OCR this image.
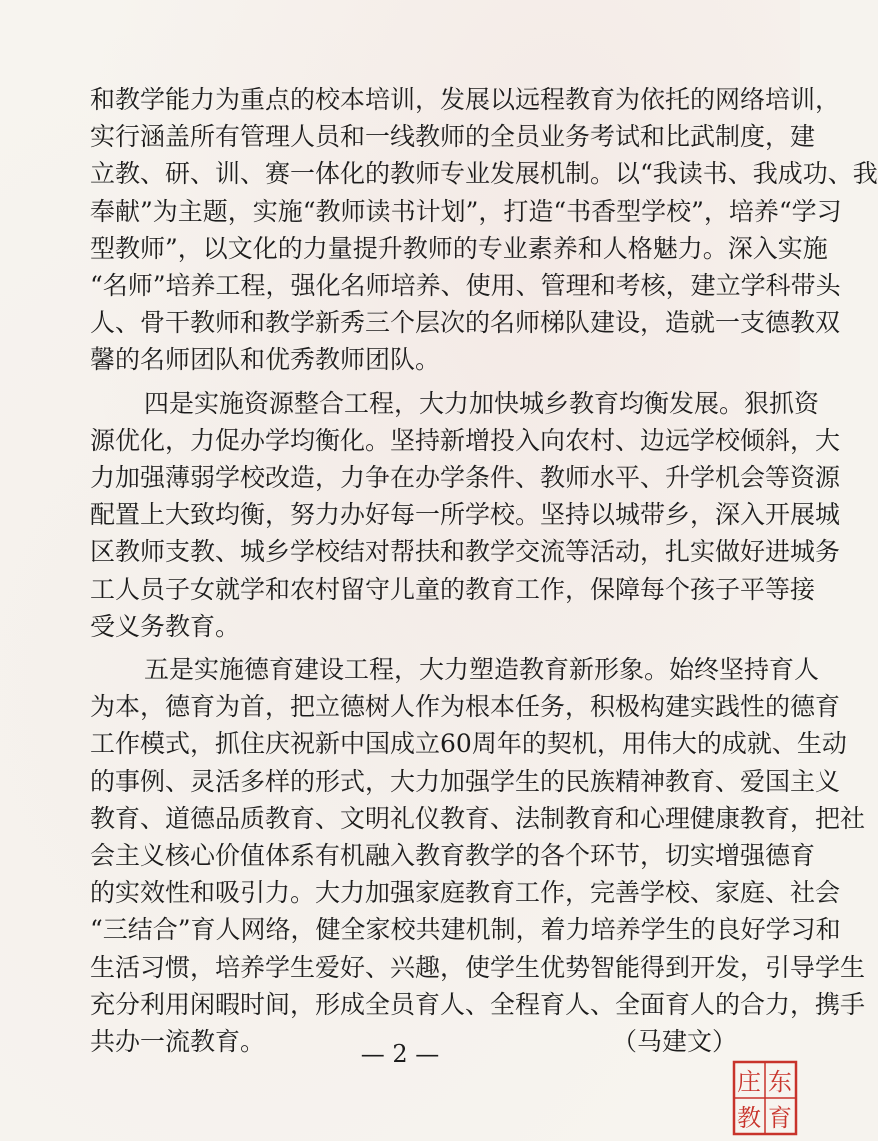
和教学能力为重点的校本培训，发展以远程教育为依托的网络培训，
实行涵盖所有管理人员和一线教师的全员业务考试和比武制度，建
立教、研、训、赛一体化的教师专业发展机制。以“我读书、我成功、我
奉献”为主题，实施“教师读书计划”，打造“书香型学校”，培养“学习
型教师”，以文化的力量提升教师的专业素养和人格魅力。深入实施
“名师”培养工程，强化名师培养、使用、管理和考核，建立学科带头
人、骨干教师和教学新秀三个层次的名师梯队建设，造就一支德教双
馨的名师团队和优秀教师团队。
四是实施资源整合工程，大力加快城乡教育均衡发展。狠抓资
源优化，力促办学均衡化。坚持新增投入向农村、边远学校倾斜，大
力加强薄弱学校改造，力争在办学条件、教师水平、升学机会等资源
配置上大致均衡，努力办好每一所学校。坚持以城带乡，深入开展城
区教师支教、城乡学校结对帮扶和教学交流等活动，扎实做好进城务
工人员子女就学和农村留守儿童的教育工作，保障每个孩子平等接
受义务教育。
五是实施德育建设工程，大力塑造教育新形象。始终坚持育人
为本，德育为首，把立德树人作为根本任务，积极构建实践性的德育
工作模式，抓住庆祝新中国成立60周年的契机，用伟大的成就、生动
的事例、灵活多样的形式，大力加强学生的民族精神教育、爱国主义
教育、道德品质教育、文明礼仪教育、法制教育和心理健康教育，把社
会主义核心价值体系有机融入教育教学的各个环节，切实增强德育
的实效性和吸引力。大力加强家庭教育工作，完善学校、家庭、社会
“三结合”育人网络，健全家校共建机制，着力培养学生的良好学习和
生活习惯，培养学生爱好、兴趣，使学生优势智能得到开发，引导学生
充分利用闲暇时间，形成全员育人、全程育人、全面育人的合力，携手
共办一流教育。	（马建文）
— 2 —
东
庄
教 育
